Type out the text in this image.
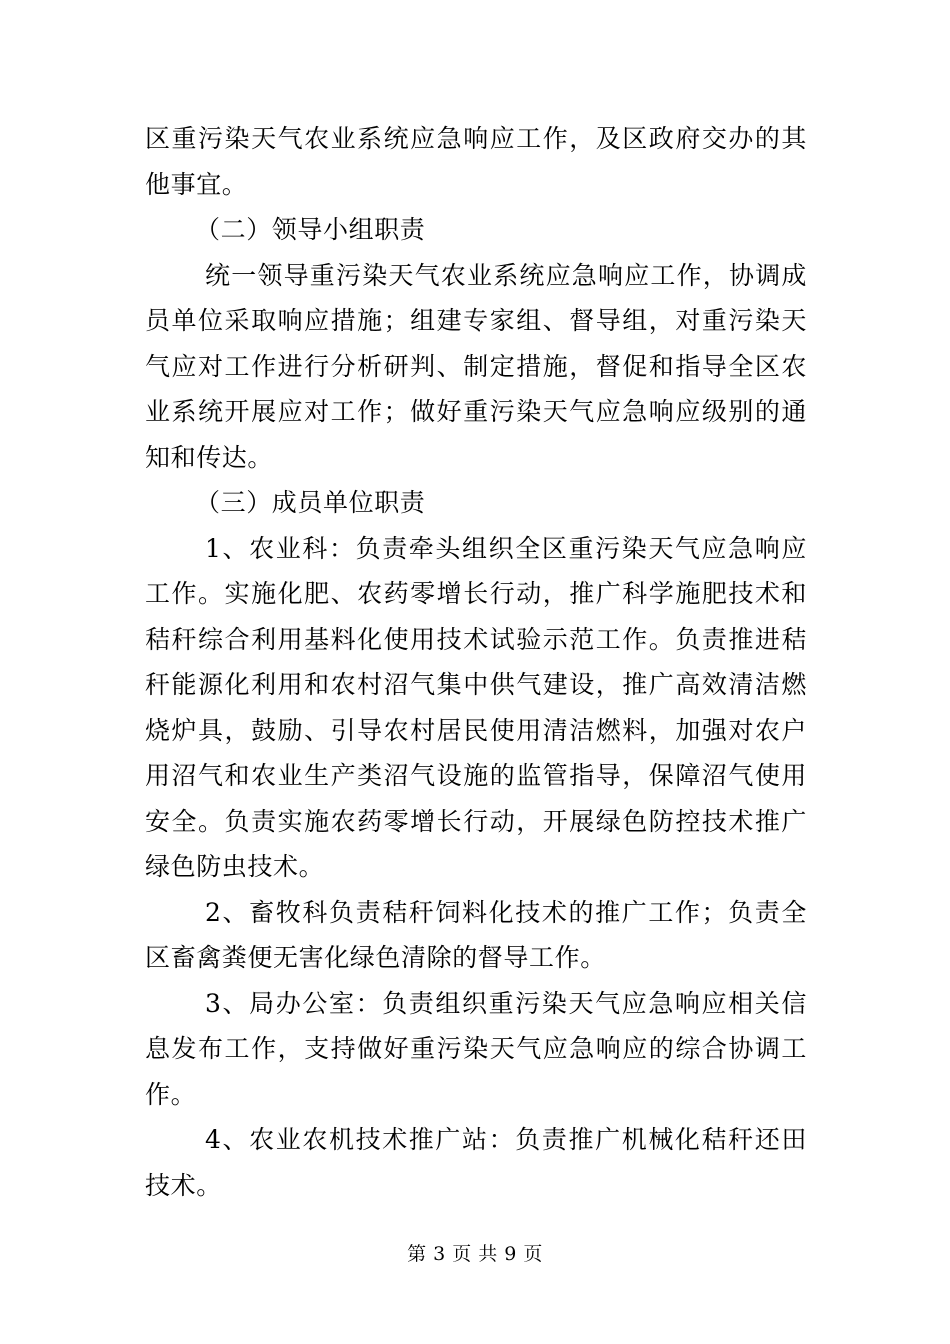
区重污染天气农业系统应急响应工作，及区政府交办的其他事宜。

（二）领导小组职责

统一领导重污染天气农业系统应急响应工作，协调成员单位采取响应措施；组建专家组、督导组，对重污染天气应对工作进行分析研判、制定措施，督促和指导全区农业系统开展应对工作；做好重污染天气应急响应级别的通知和传达。

（三）成员单位职责

1、农业科：负责牵头组织全区重污染天气应急响应工作。实施化肥、农药零增长行动，推广科学施肥技术和秸秆综合利用基料化使用技术试验示范工作。负责推进秸秆能源化利用和农村沼气集中供气建设，推广高效清洁燃烧炉具，鼓励、引导农村居民使用清洁燃料，加强对农户用沼气和农业生产类沼气设施的监管指导，保障沼气使用安全。负责实施农药零增长行动，开展绿色防控技术推广绿色防虫技术。

2、畜牧科负责秸秆饲料化技术的推广工作；负责全区畜禽粪便无害化绿色清除的督导工作。

3、局办公室：负责组织重污染天气应急响应相关信息发布工作，支持做好重污染天气应急响应的综合协调工作。

4、农业农机技术推广站：负责推广机械化秸秆还田技术。

第 3 页 共 9 页
